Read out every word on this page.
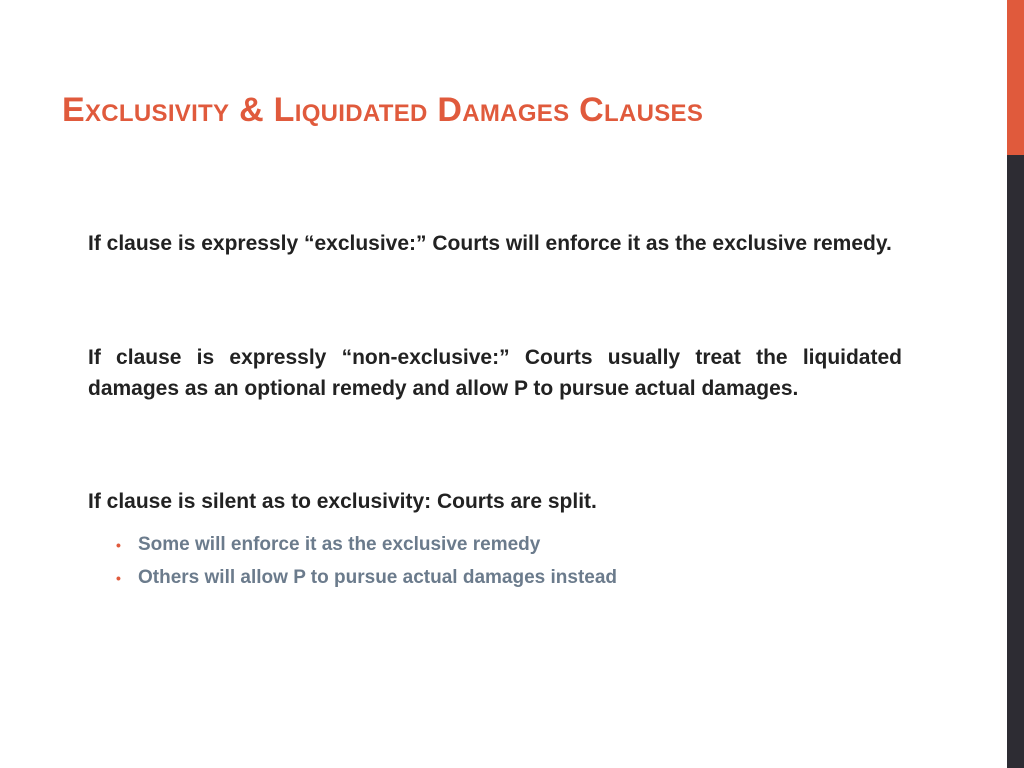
Exclusivity & Liquidated Damages Clauses

If clause is expressly “exclusive:” Courts will enforce it as the exclusive remedy.

If clause is expressly “non-exclusive:” Courts usually treat the liquidated damages as an optional remedy and allow P to pursue actual damages.

If clause is silent as to exclusivity: Courts are split.

• Some will enforce it as the exclusive remedy
• Others will allow P to pursue actual damages instead
